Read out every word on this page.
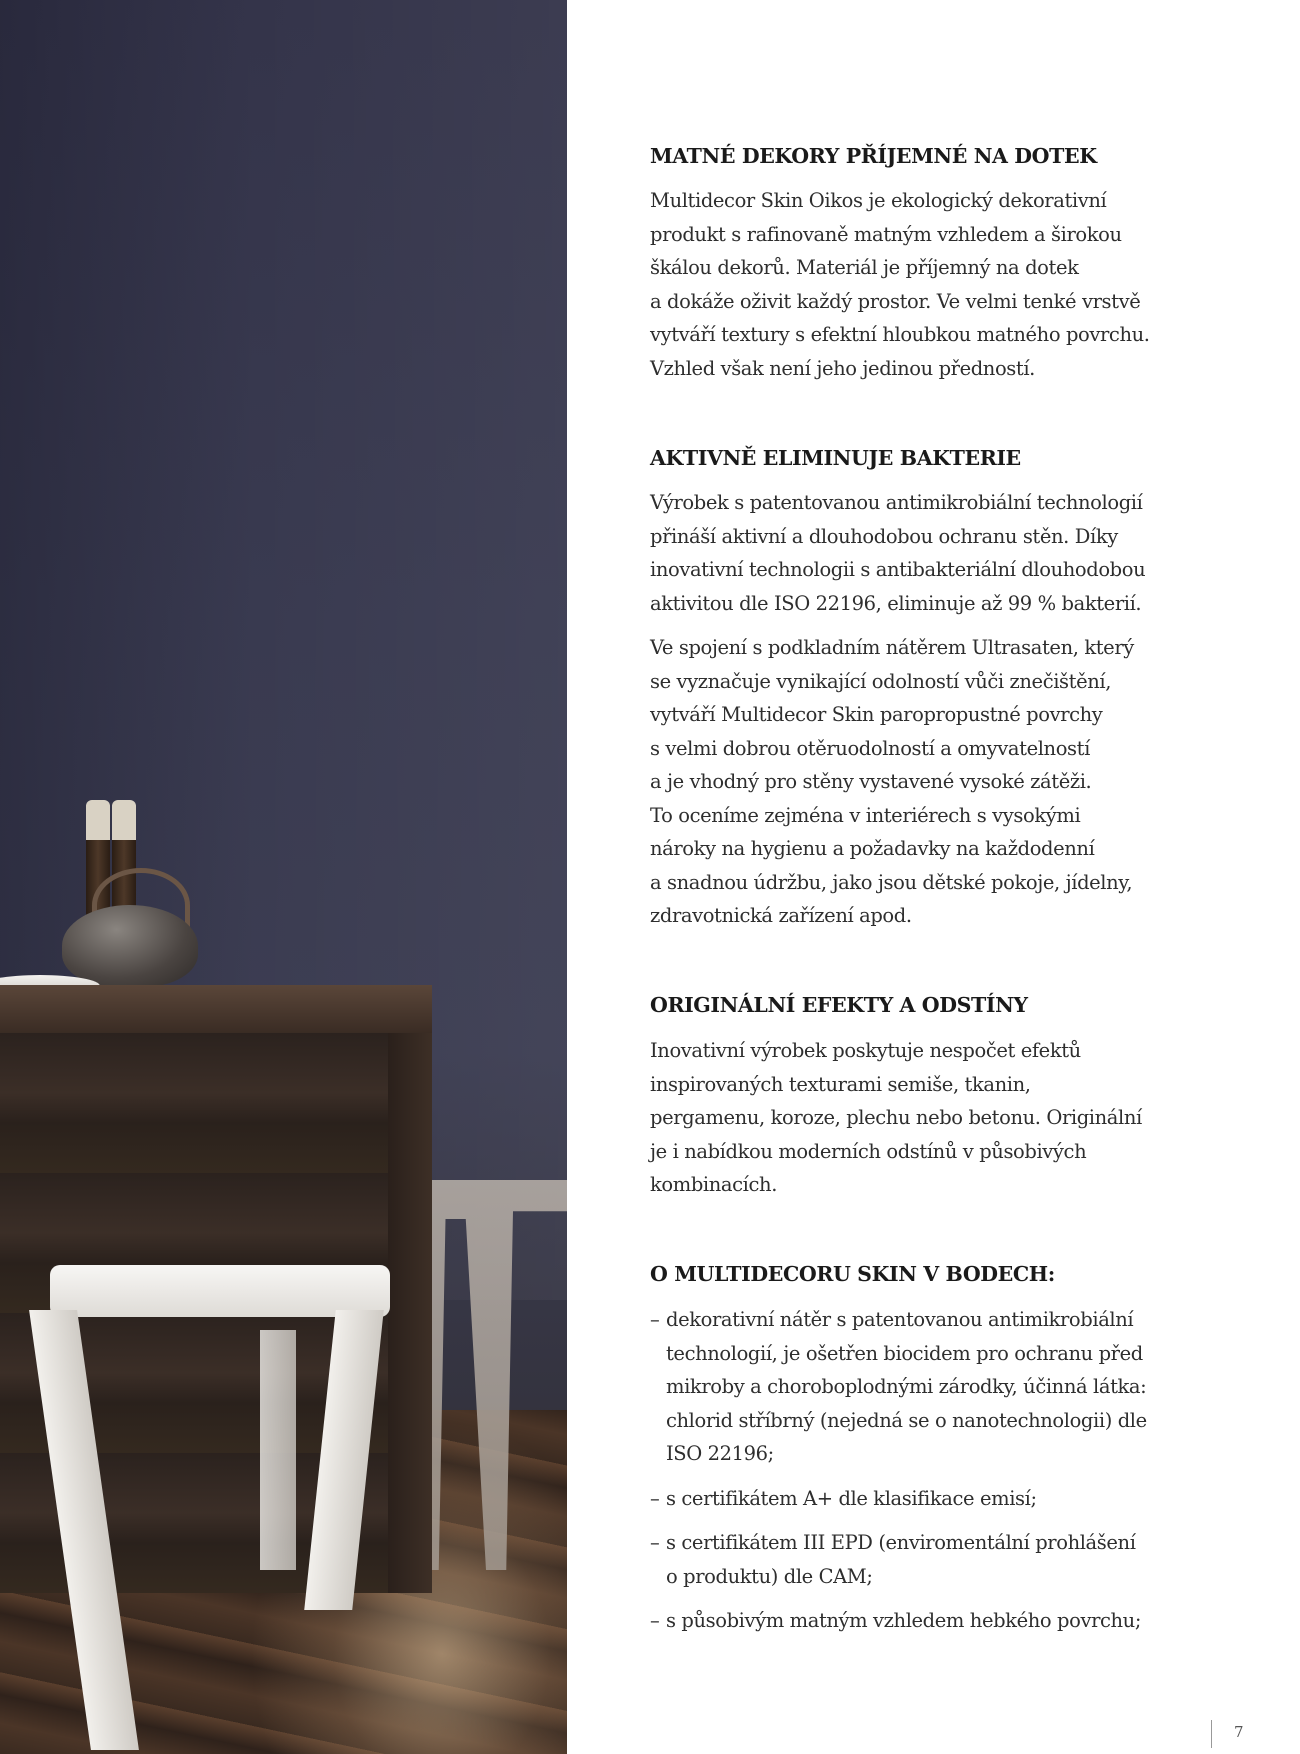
MATNÉ DEKORY PŘÍJEMNÉ NA DOTEK

Multidecor Skin Oikos je ekologický dekorativní
produkt s rafinovaně matným vzhledem a širokou
škálou dekorů. Materiál je příjemný na dotek
a dokáže oživit každý prostor. Ve velmi tenké vrstvě
vytváří textury s efektní hloubkou matného povrchu.
Vzhled však není jeho jedinou předností.

AKTIVNĚ ELIMINUJE BAKTERIE

Výrobek s patentovanou antimikrobiální technologií
přináší aktivní a dlouhodobou ochranu stěn. Díky
inovativní technologii s antibakteriální dlouhodobou
aktivitou dle ISO 22196, eliminuje až 99 % bakterií.

Ve spojení s podkladním nátěrem Ultrasaten, který
se vyznačuje vynikající odolností vůči znečištění,
vytváří Multidecor Skin paropropustné povrchy
s velmi dobrou otěruodolností a omyvatelností
a je vhodný pro stěny vystavené vysoké zátěži.
To oceníme zejména v interiérech s vysokými
nároky na hygienu a požadavky na každodenní
a snadnou údržbu, jako jsou dětské pokoje, jídelny,
zdravotnická zařízení apod.

ORIGINÁLNÍ EFEKTY A ODSTÍNY

Inovativní výrobek poskytuje nespočet efektů
inspirovaných texturami semiše, tkanin,
pergamenu, koroze, plechu nebo betonu. Originální
je i nabídkou moderních odstínů v působivých
kombinacích.

O MULTIDECORU SKIN V BODECH:
– dekorativní nátěr s patentovanou antimikrobiální
technologií, je ošetřen biocidem pro ochranu před
mikroby a choroboplodnými zárodky, účinná látka:
chlorid stříbrný (nejedná se o nanotechnologii) dle
ISO 22196;
– s certifikátem A+ dle klasifikace emisí;
– s certifikátem III EPD (enviromentální prohlášení
o produktu) dle CAM;
– s působivým matným vzhledem hebkého povrchu;
7
